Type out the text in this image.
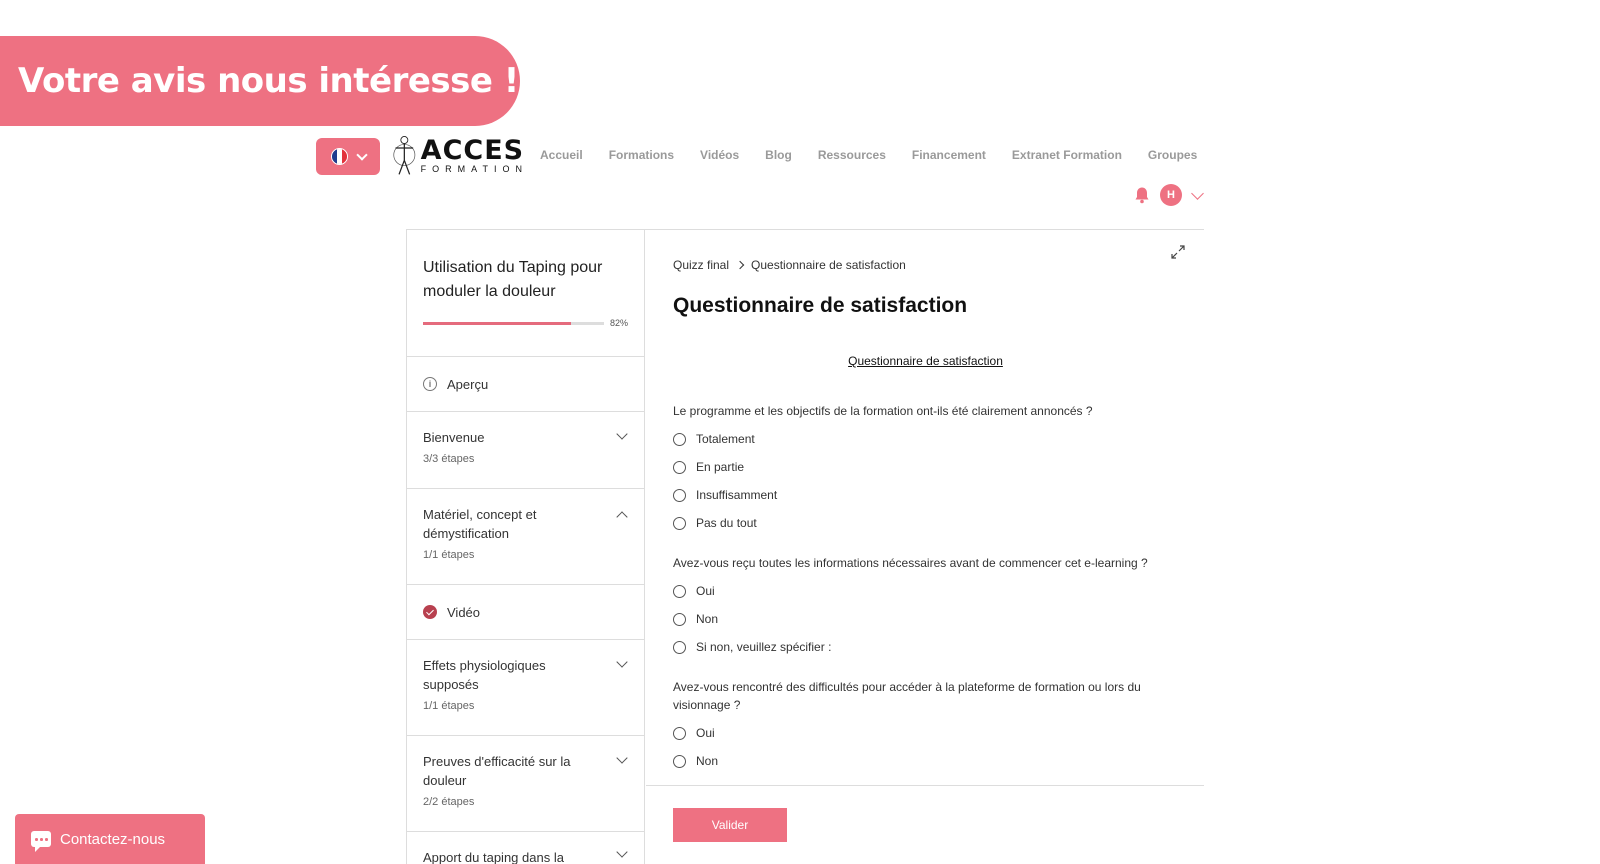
Votre avis nous intéresse !
ACCES
FORMATION
Accueil Formations Vidéos Blog Ressources Financement Extranet Formation Groupes
H
Utilisation du Taping pour moduler la douleur
82%
i	Aperçu
Bienvenue
3/3 étapes
Matériel, concept et démystification
1/1 étapes
Vidéo
Effets physiologiques supposés
1/1 étapes
Preuves d'efficacité sur la douleur
2/2 étapes
Apport du taping dans la
Quizz final Questionnaire de satisfaction
Questionnaire de satisfaction
Questionnaire de satisfaction
Le programme et les objectifs de la formation ont-ils été clairement annoncés ?
Totalement
En partie
Insuffisamment
Pas du tout
Avez-vous reçu toutes les informations nécessaires avant de commencer cet e-learning ?
Oui
Non
Si non, veuillez spécifier :
Avez-vous rencontré des difficultés pour accéder à la plateforme de formation ou lors du visionnage ?
Oui
Non
Valider
Contactez-nous
